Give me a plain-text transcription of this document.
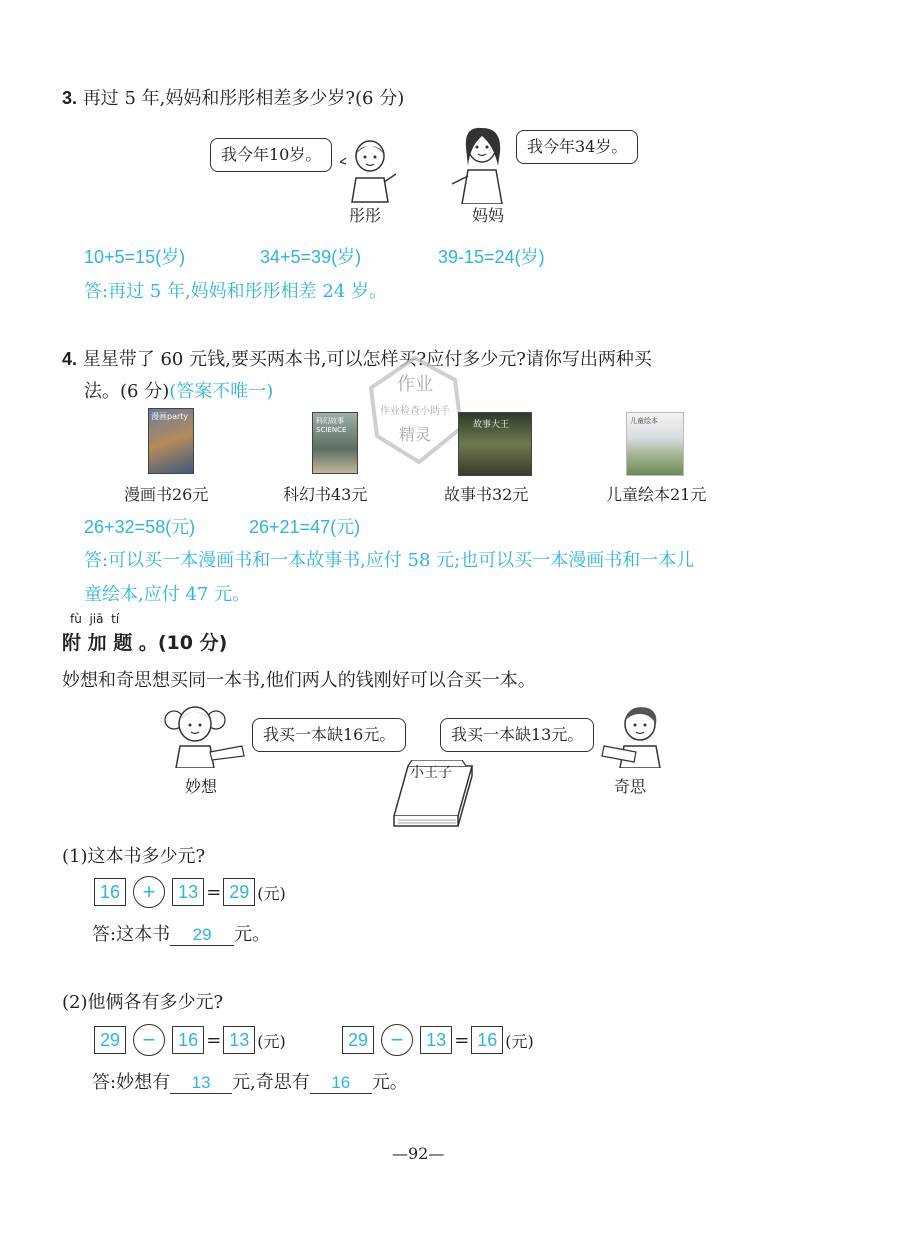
3. 再过 5 年,妈妈和彤彤相差多少岁?(6 分)
我今年10岁。
彤彤
我今年34岁。
妈妈
10+5=15(岁)	34+5=39(岁)	39-15=24(岁)
答:再过 5 年,妈妈和彤彤相差 24 岁。
4. 星星带了 60 元钱,要买两本书,可以怎样买?应付多少元?请你写出两种买
法。(6 分)(答案不唯一)	作业
作业检查小助手
精灵
漫画party
漫画书26元
科幻故事 SCIENCE
科幻书43元
故事大王
故事书32元
儿童绘本
儿童绘本21元
26+32=58(元)	26+21=47(元)
答:可以买一本漫画书和一本故事书,应付 58 元;也可以买一本漫画书和一本儿
童绘本,应付 47 元。
fù  jiā  tí
附 加 题 。(10 分)
妙想和奇思想买同一本书,他们两人的钱刚好可以合买一本。
我买一本缺16元。
妙想
我买一本缺13元。
奇思
小王子
(1)这本书多少元?
16 + 13 = 29 (元)
答:这本书 29 元。
(2)他俩各有多少元?
29 − 16 = 13 (元)	29 − 13 = 16 (元)
答:妙想有 13 元,奇思有 16 元。
—92—
